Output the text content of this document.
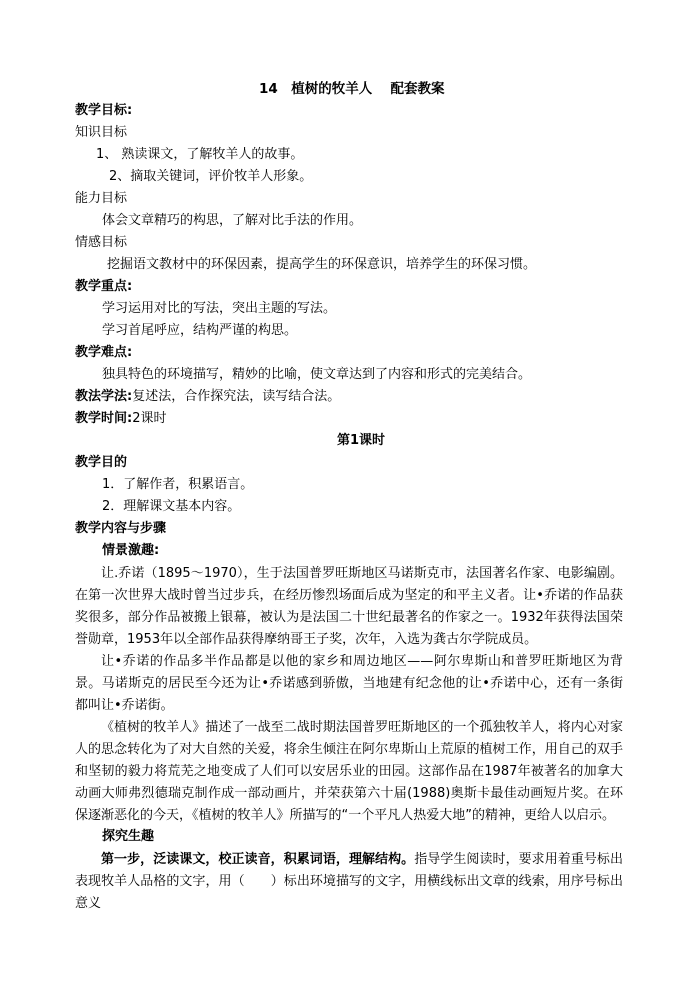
14　植树的牧羊人　 配套教案
教学目标:
知识目标
1、 熟读课文，了解牧羊人的故事。
2、摘取关键词，评价牧羊人形象。
能力目标
体会文章精巧的构思，了解对比手法的作用。
情感目标
挖掘语文教材中的环保因素，提高学生的环保意识，培养学生的环保习惯。
教学重点:
学习运用对比的写法，突出主题的写法。
学习首尾呼应，结构严谨的构思。
教学难点:
独具特色的环境描写，精妙的比喻，使文章达到了内容和形式的完美结合。
教法学法:复述法，合作探究法，读写结合法。
教学时间:2课时
第1课时
教学目的
1．了解作者，积累语言。
2．理解课文基本内容。
教学内容与步骤
情景激趣:
让.乔诺（1895～1970），生于法国普罗旺斯地区马诺斯克市，法国著名作家、电影编剧。在第一次世界大战时曾当过步兵，在经历惨烈场面后成为坚定的和平主义者。让•乔诺的作品获奖很多，部分作品被搬上银幕，被认为是法国二十世纪最著名的作家之一。1932年获得法国荣誉勋章，1953年以全部作品获得摩纳哥王子奖，次年，入选为龚古尔学院成员。
让•乔诺的作品多半作品都是以他的家乡和周边地区——阿尔卑斯山和普罗旺斯地区为背景。马诺斯克的居民至今还为让•乔诺感到骄傲，当地建有纪念他的让•乔诺中心，还有一条街都叫让•乔诺街。
《植树的牧羊人》描述了一战至二战时期法国普罗旺斯地区的一个孤独牧羊人，将内心对家人的思念转化为了对大自然的关爱，将余生倾注在阿尔卑斯山上荒原的植树工作，用自己的双手和坚韧的毅力将荒芜之地变成了人们可以安居乐业的田园。这部作品在1987年被著名的加拿大动画大师弗烈德瑞克制作成一部动画片，并荣获第六十届(1988)奥斯卡最佳动画短片奖。在环保逐渐恶化的今天，《植树的牧羊人》所描写的“一个平凡人热爱大地”的精神，更给人以启示。
探究生趣
第一步，泛读课文，校正读音，积累词语，理解结构。指导学生阅读时，要求用着重号标出表现牧羊人品格的文字，用（　　）标出环境描写的文字，用横线标出文章的线索，用序号标出意义
